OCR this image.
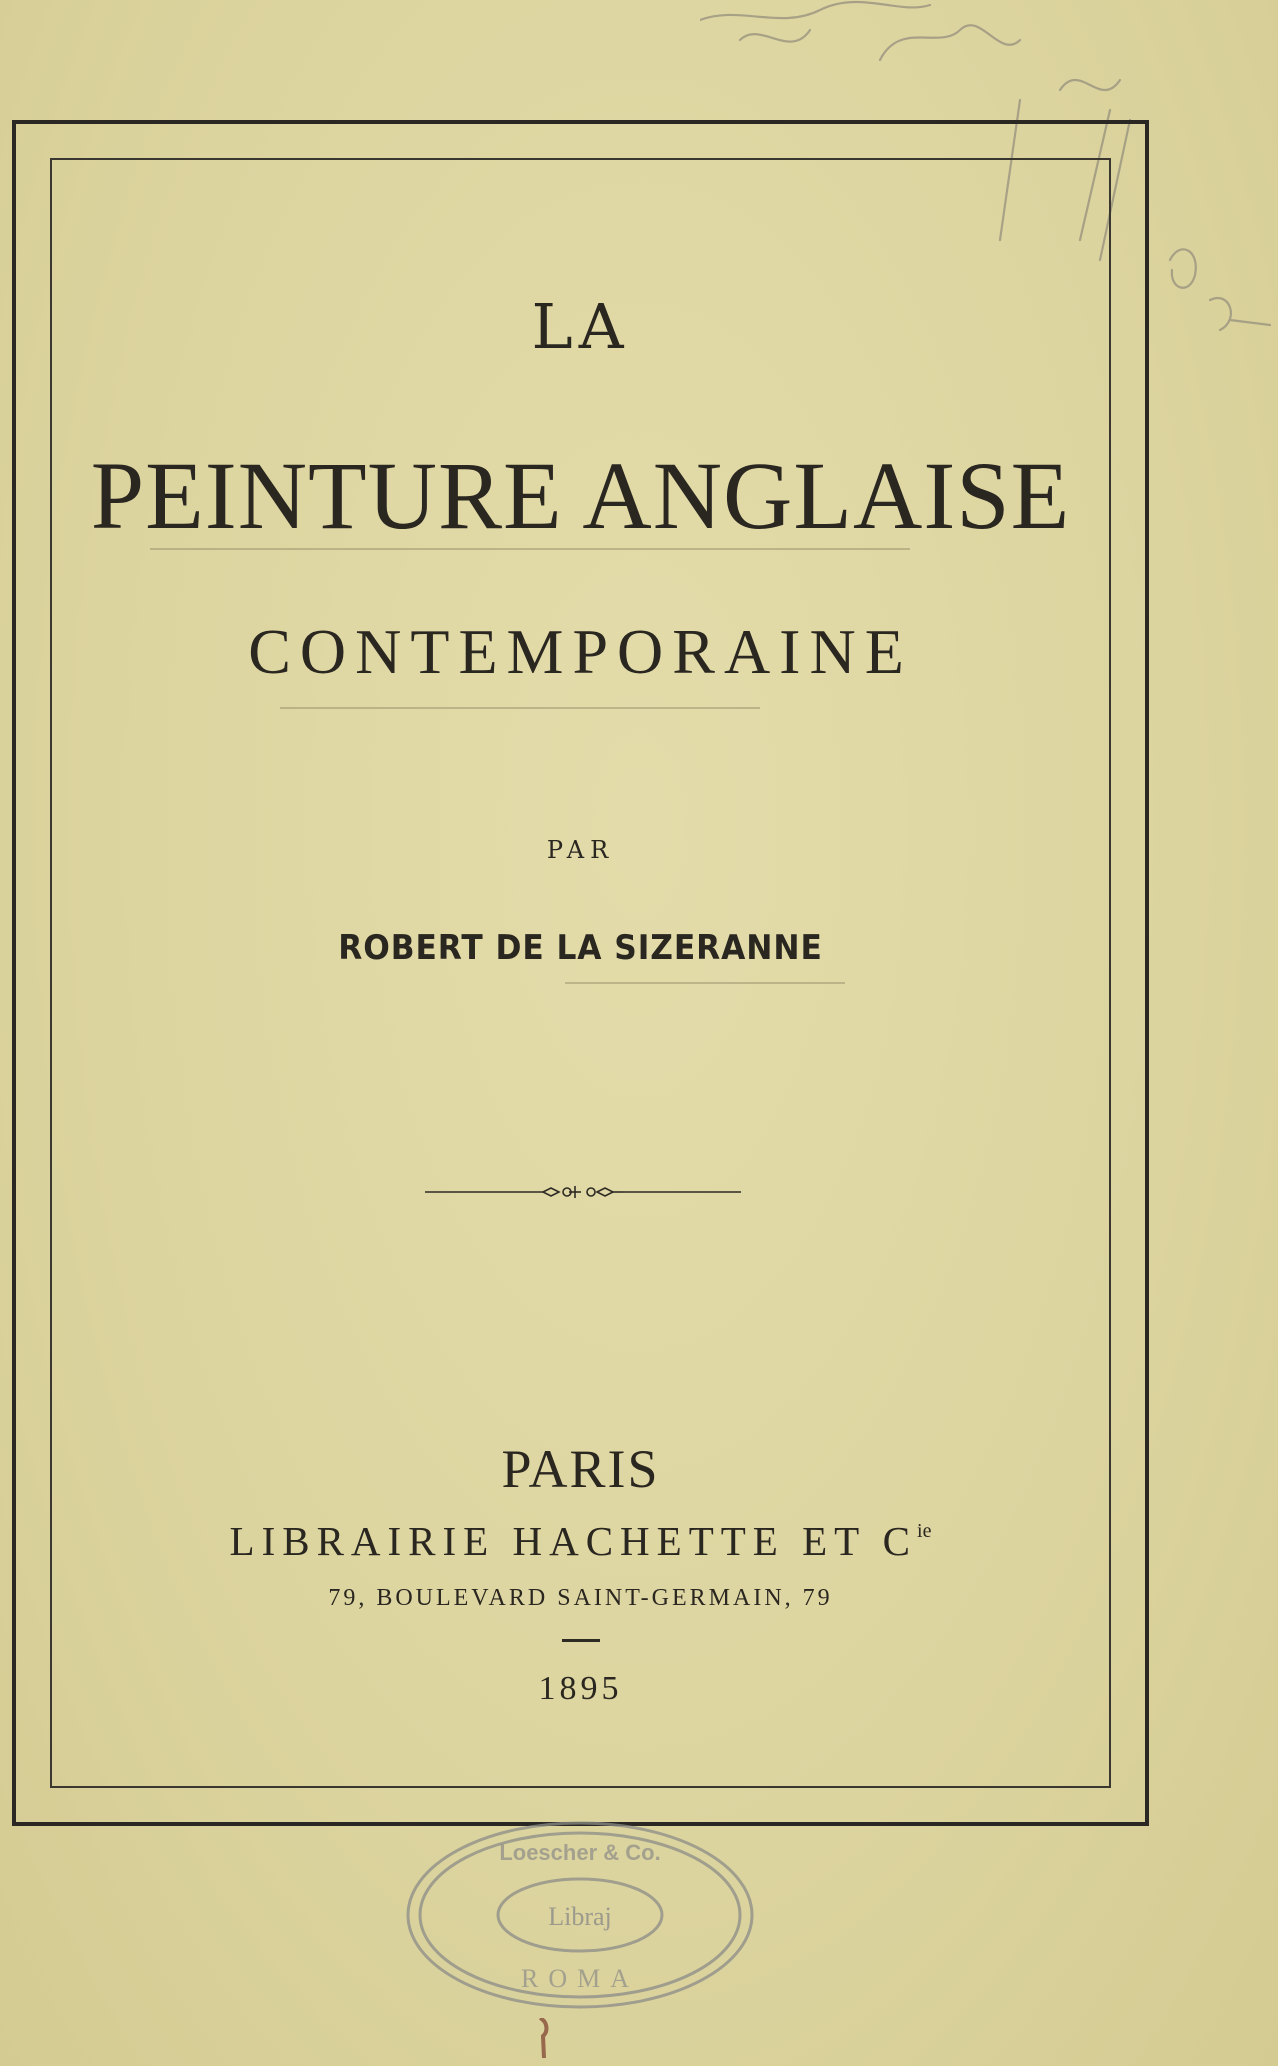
LA
PEINTURE ANGLAISE
CONTEMPORAINE
PAR
ROBERT DE LA SIZERANNE
PARIS
LIBRAIRIE HACHETTE ET $C^{ie}$
79, BOULEVARD SAINT-GERMAIN, 79
1895
Libraj
Loescher & Co.
ROMA
